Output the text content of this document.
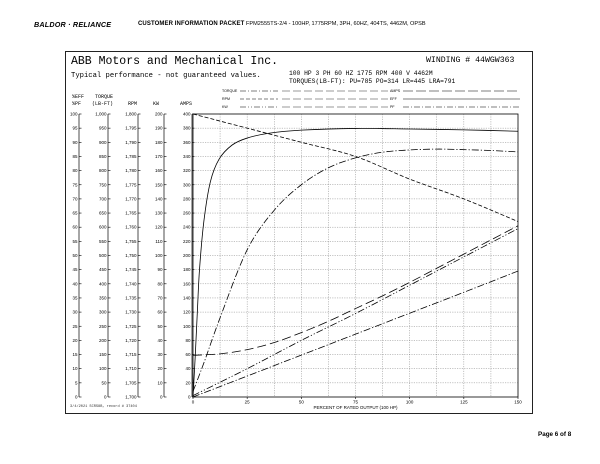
BALDOR · RELIANCE	CUSTOMER INFORMATION PACKET FPM2555TS-2/4 - 100HP, 1775RPM, 3PH, 60HZ, 404TS, 4462M, OPSB
ABB Motors and Mechanical Inc.
Typical performance - not guaranteed values.
WINDING # 44WGW363
100 HP 3 PH 60 HZ 1775 RPM 400 V 4462M
TORQUES(LB-FT): PU=785 PO=314 LR=445 LRA=791
%EFF
%PF
TORQUE
(LB-FT)	RPM	KW	AMPS
TORQUE
RPM
KW
AMPS
EFF
PF
100
95
90
85
80
75
70
65
60
55
50
45
40
35
30
25
20
15
10
5
0
1,000
950
900
850
800
750
700
650
600
550
500
450
400
350
300
250
200
150
100
50
0
1,800
1,795
1,790
1,785
1,780
1,775
1,770
1,765
1,760
1,755
1,750
1,745
1,740
1,735
1,730
1,725
1,720
1,715
1,710
1,705
1,700
200
190
180
170
160
150
140
130
120
110
100
90
80
70
60
50
40
30
20
10
0
400
380
360
340
320
300
280
260
240
220
200
180
160
140
120
100
80
60
40
20
0
0	25	50	75	100	125	150
PERCENT OF RATED OUTPUT (100 HP)
3/4/2021 SCRS8B, record # 37404
Page 6 of 8
